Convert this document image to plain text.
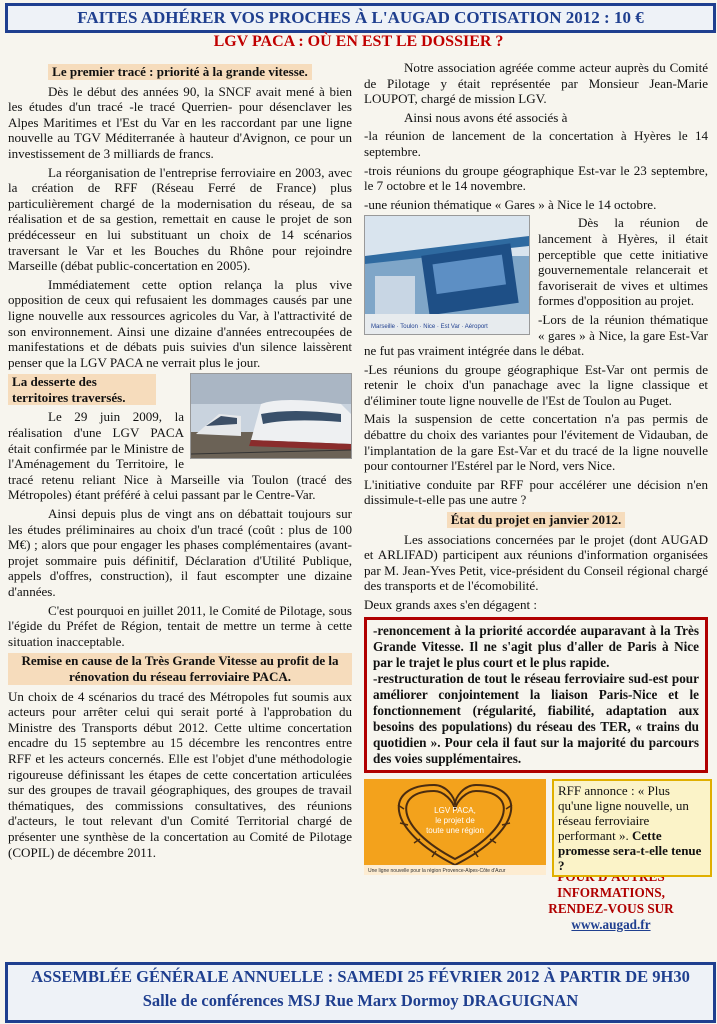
FAITES ADHÉRER VOS PROCHES À L'AUGAD COTISATION 2012 : 10 €
LGV PACA : OÙ EN EST LE DOSSIER ?
Le premier tracé : priorité à la grande vitesse.

Dès le début des années 90, la SNCF avait mené à bien les études d'un tracé -le tracé Querrien- pour désenclaver les Alpes Maritimes et l'Est du Var en les raccordant par une ligne nouvelle au TGV Méditerranée à hauteur d'Avignon, ce pour un investissement de 3 milliards de francs.

La réorganisation de l'entreprise ferroviaire en 2003, avec la création de RFF (Réseau Ferré de France) plus particulièrement chargé de la modernisation du réseau, de sa réalisation et de sa gestion, remettait en cause le projet de son prédécesseur en lui substituant un choix de 14 scénarios traversant le Var et les Bouches du Rhône pour rejoindre Marseille (débat public-concertation en 2005).

Immédiatement cette option relança la plus vive opposition de ceux qui refusaient les dommages causés par une ligne nouvelle aux ressources agricoles du Var, à l'attractivité de son environnement. Ainsi une dizaine d'années entrecoupées de manifestations et de débats puis suivies d'un silence laissèrent penser que la LGV PACA ne verrait plus le jour.

La desserte des territoires traversés.

Le 29 juin 2009, la réalisation d'une LGV PACA était confirmée par le Ministre de l'Aménagement du Territoire, le tracé retenu reliant Nice à Marseille via Toulon (tracé des Métropoles) étant préféré à celui passant par le Centre-Var.

Ainsi depuis plus de vingt ans on débattait toujours sur les études préliminaires au choix d'un tracé (coût : plus de 100 M€) ; alors que pour engager les phases complémentaires (avant-projet sommaire puis définitif, Déclaration d'Utilité Publique, appels d'offres, construction), il faut escompter une dizaine d'années.

C'est pourquoi en juillet 2011, le Comité de Pilotage, sous l'égide du Préfet de Région, tentait de mettre un terme à cette situation inacceptable.

Remise en cause de la Très Grande Vitesse au profit de la rénovation du réseau ferroviaire PACA.

Un choix de 4 scénarios du tracé des Métropoles fut soumis aux acteurs pour arrêter celui qui serait porté à l'approbation du Ministre des Transports début 2012. Cette ultime concertation encadre du 15 septembre au 15 décembre les rencontres entre RFF et les acteurs concernés. Elle est l'objet d'une méthodologie rigoureuse définissant les étapes de cette concertation articulées sur des groupes de travail géographiques, des groupes de travail thématiques, des commissions consultatives, des réunions d'acteurs, le tout relevant d'un Comité Territorial chargé de présenter une synthèse de la concertation au Comité de Pilotage (COPIL) de décembre 2011.

Notre association agréée comme acteur auprès du Comité de Pilotage y était représentée par Monsieur Jean-Marie LOUPOT, chargé de mission LGV.

Ainsi nous avons été associés à

-la réunion de lancement de la concertation à Hyères le 14 septembre.

-trois réunions du groupe géographique Est-var le 23 septembre, le 7 octobre et le 14 novembre.

-une réunion thématique « Gares » à Nice le 14 octobre.

Marseille · Toulon · Nice · Est Var · Aéroport

Dès la réunion de lancement à Hyères, il était perceptible que cette initiative gouvernementale relancerait et favoriserait de vives et ultimes formes d'opposition au projet.

-Lors de la réunion thématique « gares » à Nice, la gare Est-Var ne fut pas vraiment intégrée dans le débat.

-Les réunions du groupe géographique Est-Var ont permis de retenir le choix d'un panachage avec la ligne classique et d'éliminer toute ligne nouvelle de l'Est de Toulon au Puget.

Mais la suspension de cette concertation n'a pas permis de débattre du choix des variantes pour l'évitement de Vidauban, de l'implantation de la gare Est-Var et du tracé de la ligne nouvelle pour contourner l'Estérel par le Nord, vers Nice.

L'initiative conduite par RFF pour accélérer une décision n'en dissimule-t-elle pas une autre ?

État du projet en janvier 2012.

Les associations concernées par le projet (dont AUGAD et ARLIFAD) participent aux réunions d'information organisées par M. Jean-Yves Petit, vice-président du Conseil régional chargé des transports et de l'écomobilité.

Deux grands axes s'en dégagent :

-renoncement à la priorité accordée auparavant à la Très Grande Vitesse. Il ne s'agit plus d'aller de Paris à Nice par le trajet le plus court et le plus rapide.
-restructuration de tout le réseau ferroviaire sud-est pour améliorer conjointement la liaison Paris-Nice et le fonctionnement (régularité, fiabilité, adaptation aux besoins des populations) du réseau des TER, « trains du quotidien ». Pour cela il faut sur la majorité du parcours des voies supplémentaires.
LGV PACA,
le projet de
toute une région
Une ligne nouvelle pour la région Provence-Alpes-Côte d'Azur
RFF annonce : « Plus qu'une ligne nouvelle, un réseau ferroviaire performant ». Cette promesse sera-t-elle tenue ?
INFORMATIONS,
RENDEZ-VOUS SUR www.augad.fr
ASSEMBLÉE GÉNÉRALE ANNUELLE : SAMEDI 25 FÉVRIER 2012 À PARTIR DE 9H30
Salle de conférences MSJ Rue Marx Dormoy DRAGUIGNAN
